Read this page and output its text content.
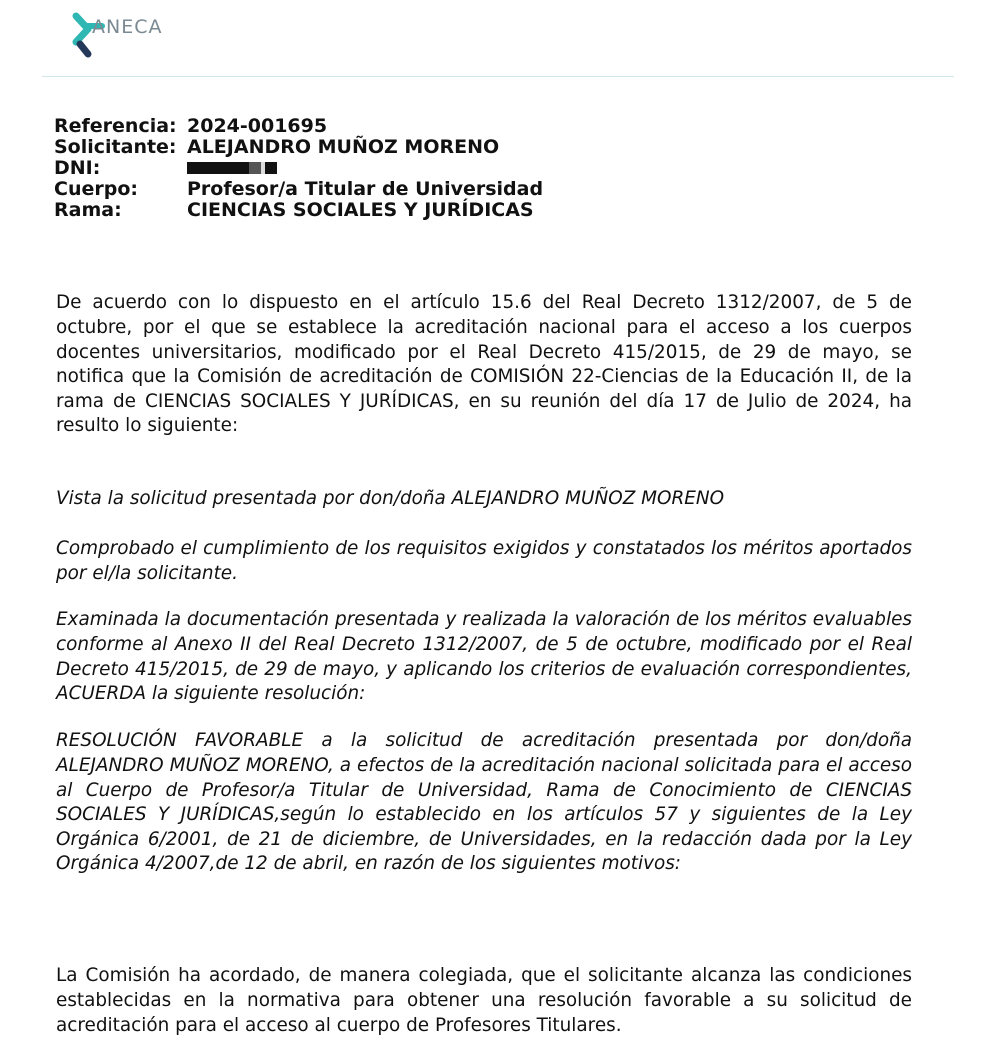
ANECA
Referencia: 2024-001695
Solicitante: ALEJANDRO MUÑOZ MORENO
DNI:
Cuerpo:	Profesor/a Titular de Universidad
Rama:	CIENCIAS SOCIALES Y JURÍDICAS

De acuerdo con lo dispuesto en el artículo 15.6 del Real Decreto 1312/2007, de 5 de octubre, por el que se establece la acreditación nacional para el acceso a los cuerpos docentes universitarios, modificado por el Real Decreto 415/2015, de 29 de mayo, se notifica que la Comisión de acreditación de COMISIÓN 22-Ciencias de la Educación II, de la rama de CIENCIAS SOCIALES Y JURÍDICAS, en su reunión del día 17 de Julio de 2024, ha resulto lo siguiente:

Vista la solicitud presentada por don/doña ALEJANDRO MUÑOZ MORENO

Comprobado el cumplimiento de los requisitos exigidos y constatados los méritos aportados por el/la solicitante.

Examinada la documentación presentada y realizada la valoración de los méritos evaluables conforme al Anexo II del Real Decreto 1312/2007, de 5 de octubre, modificado por el Real Decreto 415/2015, de 29 de mayo, y aplicando los criterios de evaluación correspondientes, ACUERDA la siguiente resolución:

RESOLUCIÓN FAVORABLE a la solicitud de acreditación presentada por don/doña ALEJANDRO MUÑOZ MORENO, a efectos de la acreditación nacional solicitada para el acceso al Cuerpo de Profesor/a Titular de Universidad, Rama de Conocimiento de CIENCIAS SOCIALES Y JURÍDICAS,según lo establecido en los artículos 57 y siguientes de la Ley Orgánica 6/2001, de 21 de diciembre, de Universidades, en la redacción dada por la Ley Orgánica 4/2007,de 12 de abril, en razón de los siguientes motivos:

La Comisión ha acordado, de manera colegiada, que el solicitante alcanza las condiciones establecidas en la normativa para obtener una resolución favorable a su solicitud de acreditación para el acceso al cuerpo de Profesores Titulares.
